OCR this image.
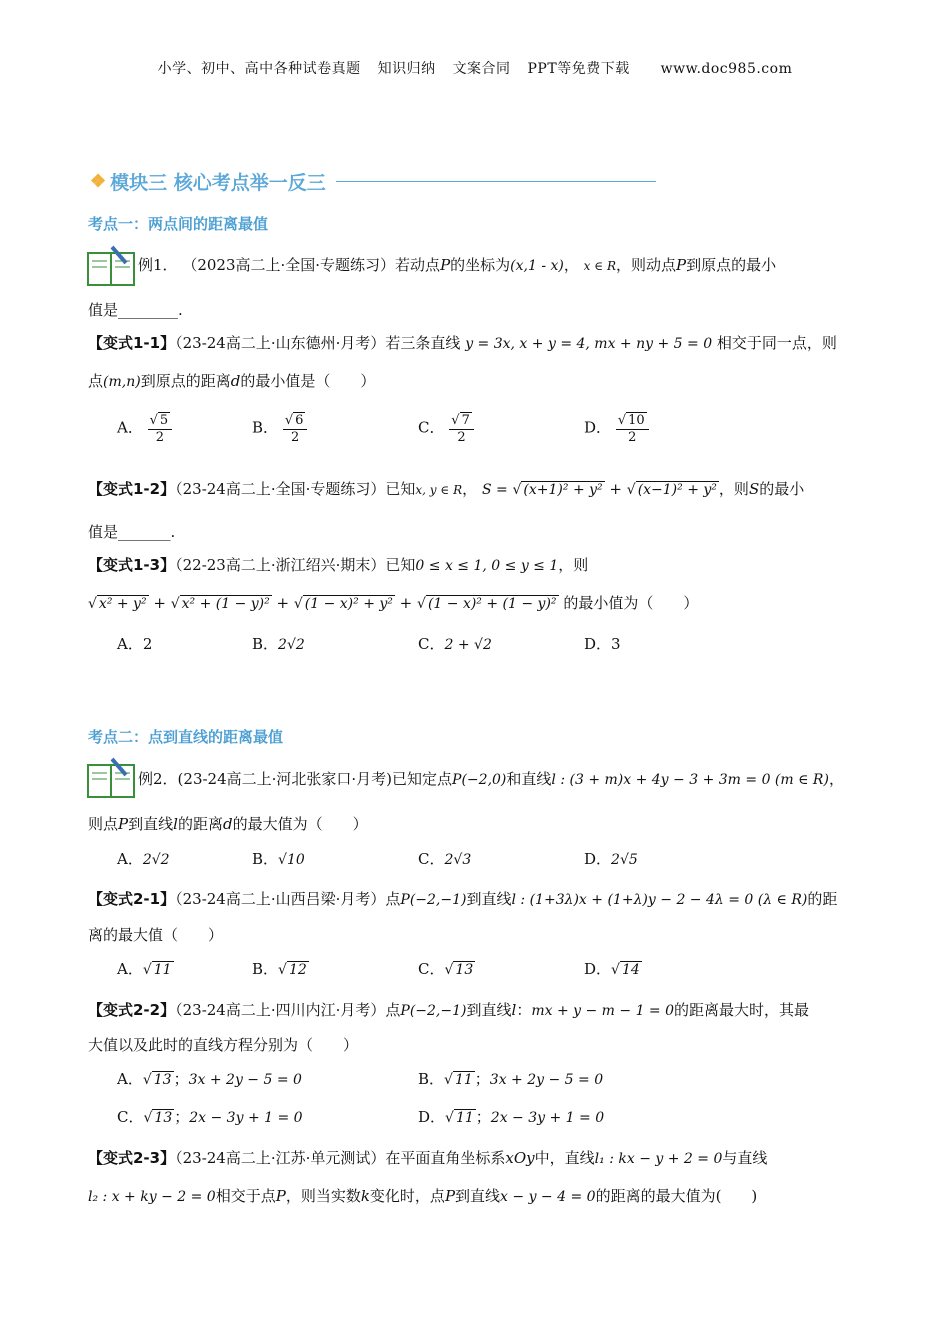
小学、初中、高中各种试卷真题 知识归纳 文案合同 PPT等免费下载 www.doc985.com
❖ 模块三 核心考点举一反三
考点一：两点间的距离最值
例1． （2023高二上·全国·专题练习）若动点P的坐标为(x,1 - x)， x ∈ R，则动点P到原点的最小
值是________.
【变式1-1】（23-24高二上·山东德州·月考）若三条直线 y = 3x, x + y = 4, mx + ny + 5 = 0 相交于同一点，则
点(m,n)到原点的距离d的最小值是（　　）
A． $\frac{√ 5}{2}$	B． $\frac{√ 6}{2}$	C． $\frac{√ 7}{2}$	D． $\frac{√ 10}{2}$
【变式1-2】（23-24高二上·全国·专题练习）已知x, y ∈ R， S = √ (x+1)² + y² + √ (x−1)² + y² ，则S的最小
值是_______.
【变式1-3】（22-23高二上·浙江绍兴·期末）已知0 ≤ x ≤ 1, 0 ≤ y ≤ 1，则
√ x² + y² + √ x² + (1 − y)² + √ (1 − x)² + y² + √ (1 − x)² + (1 − y)² 的最小值为（　　）
A．2	B．2√2	C．2 + √2	D．3
考点二：点到直线的距离最值
例2．(23-24高二上·河北张家口·月考)已知定点P(−2,0)和直线l : (3 + m)x + 4y − 3 + 3m = 0 (m ∈ R)，
则点P到直线l的距离d的最大值为（　　）
A．2√2	B．√10	C．2√3	D．2√5
【变式2-1】（23-24高二上·山西吕梁·月考）点P(−2,−1)到直线l : (1+3λ)x + (1+λ)y − 2 − 4λ = 0 (λ ∈ R)的距
离的最大值（　　）
A．√ 11	B．√ 12	C．√ 13	D．√ 14
【变式2-2】（23-24高二上·四川内江·月考）点P(−2,−1)到直线l：mx + y − m − 1 = 0的距离最大时，其最
大值以及此时的直线方程分别为（　　）
A．√ 13 ；3x + 2y − 5 = 0	B．√ 11 ；3x + 2y − 5 = 0
C．√ 13 ；2x − 3y + 1 = 0	D．√ 11 ；2x − 3y + 1 = 0
【变式2-3】（23-24高二上·江苏·单元测试）在平面直角坐标系xOy中，直线l₁ : kx − y + 2 = 0与直线
l₂ : x + ky − 2 = 0相交于点P，则当实数k变化时，点P到直线x − y − 4 = 0的距离的最大值为(　　)
